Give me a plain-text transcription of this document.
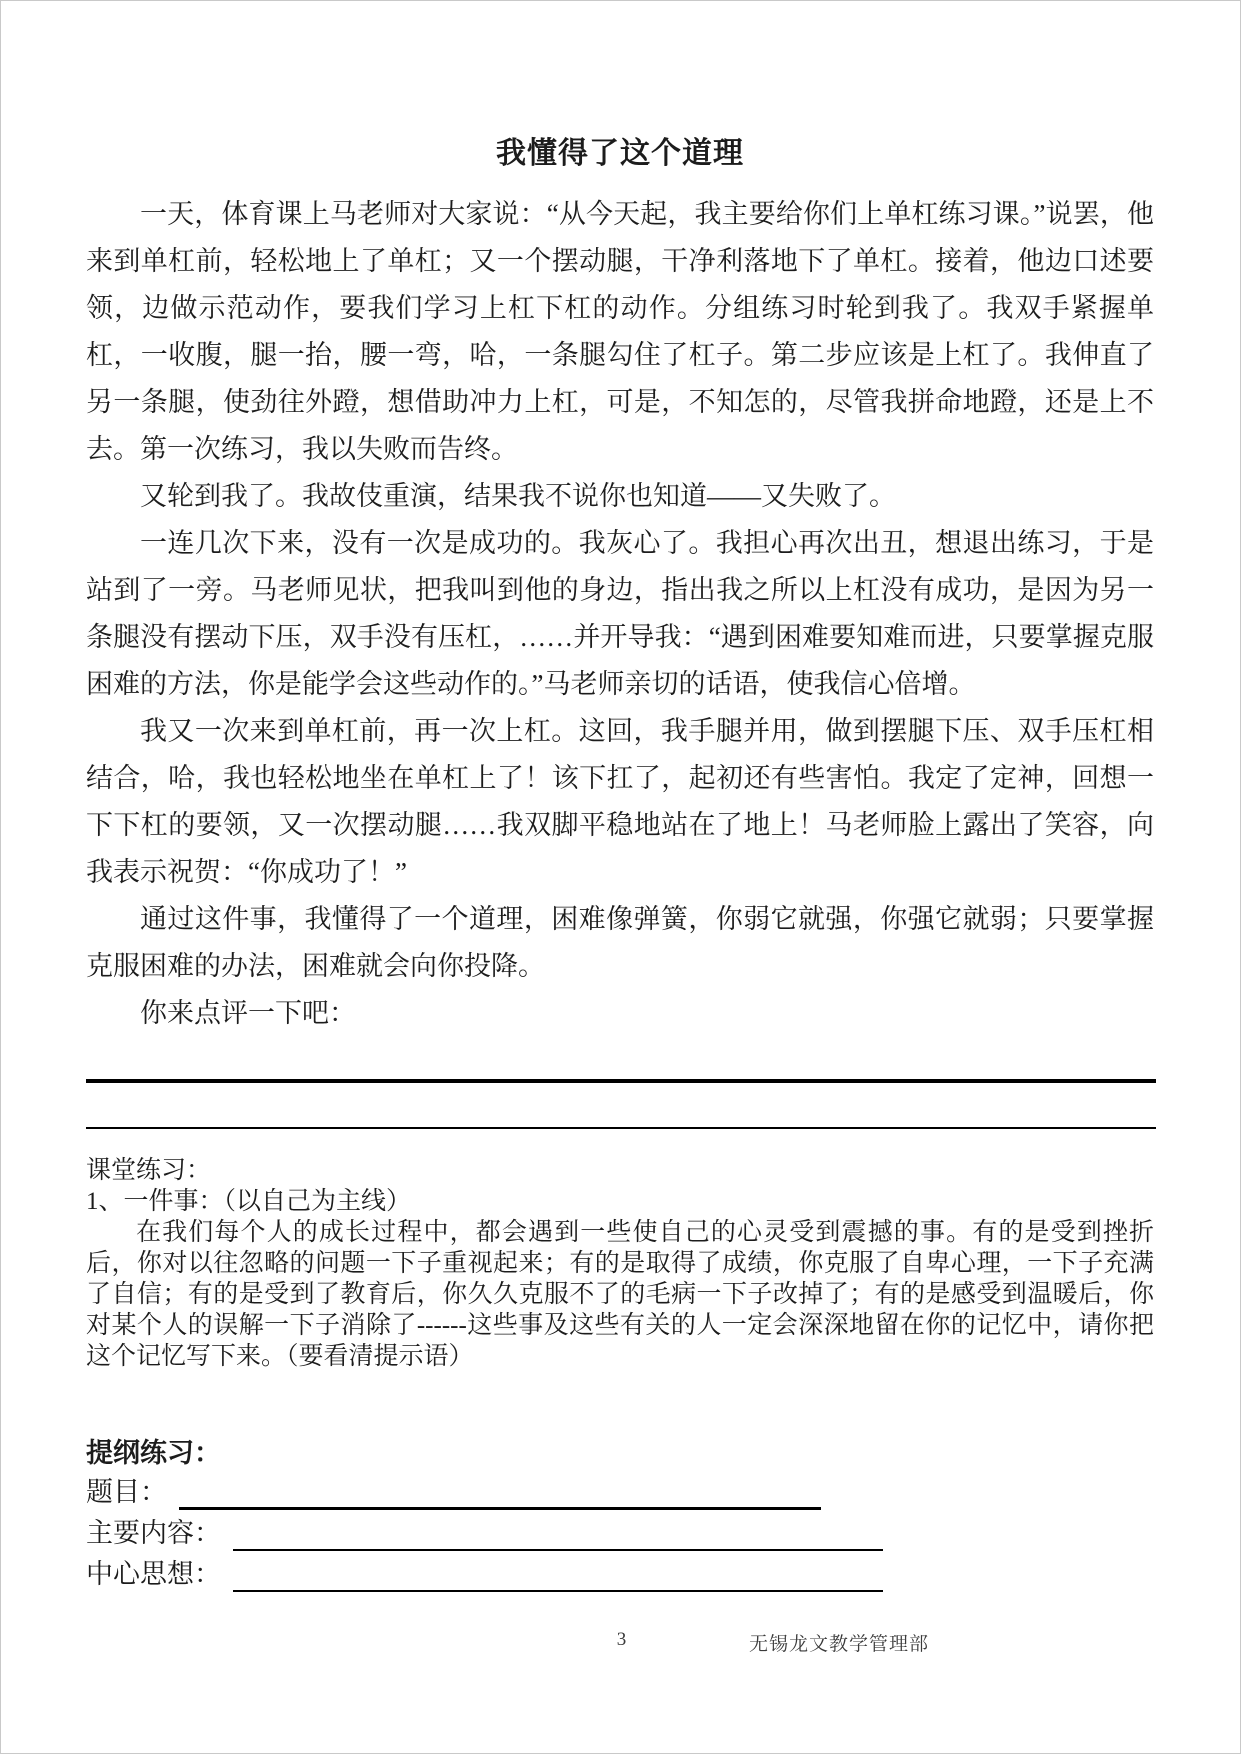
我懂得了这个道理

一天，体育课上马老师对大家说：“从今天起，我主要给你们上单杠练习课。”说罢，他来到单杠前，轻松地上了单杠；又一个摆动腿，干净利落地下了单杠。接着，他边口述要领，边做示范动作，要我们学习上杠下杠的动作。分组练习时轮到我了。我双手紧握单杠，一收腹，腿一抬，腰一弯，哈，一条腿勾住了杠子。第二步应该是上杠了。我伸直了另一条腿，使劲往外蹬，想借助冲力上杠，可是，不知怎的，尽管我拼命地蹬，还是上不去。第一次练习，我以失败而告终。

又轮到我了。我故伎重演，结果我不说你也知道——又失败了。

一连几次下来，没有一次是成功的。我灰心了。我担心再次出丑，想退出练习，于是站到了一旁。马老师见状，把我叫到他的身边，指出我之所以上杠没有成功，是因为另一条腿没有摆动下压，双手没有压杠，……并开导我：“遇到困难要知难而进，只要掌握克服困难的方法，你是能学会这些动作的。”马老师亲切的话语，使我信心倍增。

我又一次来到单杠前，再一次上杠。这回，我手腿并用，做到摆腿下压、双手压杠相结合，哈，我也轻松地坐在单杠上了！该下扛了，起初还有些害怕。我定了定神，回想一下下杠的要领，又一次摆动腿……我双脚平稳地站在了地上！马老师脸上露出了笑容，向我表示祝贺：“你成功了！”

通过这件事，我懂得了一个道理，困难像弹簧，你弱它就强，你强它就弱；只要掌握克服困难的办法，困难就会向你投降。

你来点评一下吧：

课堂练习：

1、一件事：（以自己为主线）

在我们每个人的成长过程中，都会遇到一些使自己的心灵受到震撼的事。有的是受到挫折后，你对以往忽略的问题一下子重视起来；有的是取得了成绩，你克服了自卑心理，一下子充满了自信；有的是受到了教育后，你久久克服不了的毛病一下子改掉了；有的是感受到温暖后，你对某个人的误解一下子消除了------这些事及这些有关的人一定会深深地留在你的记忆中，请你把这个记忆写下来。（要看清提示语）

提纲练习：

题目：
主要内容：
中心思想：
3	无锡龙文教学管理部
